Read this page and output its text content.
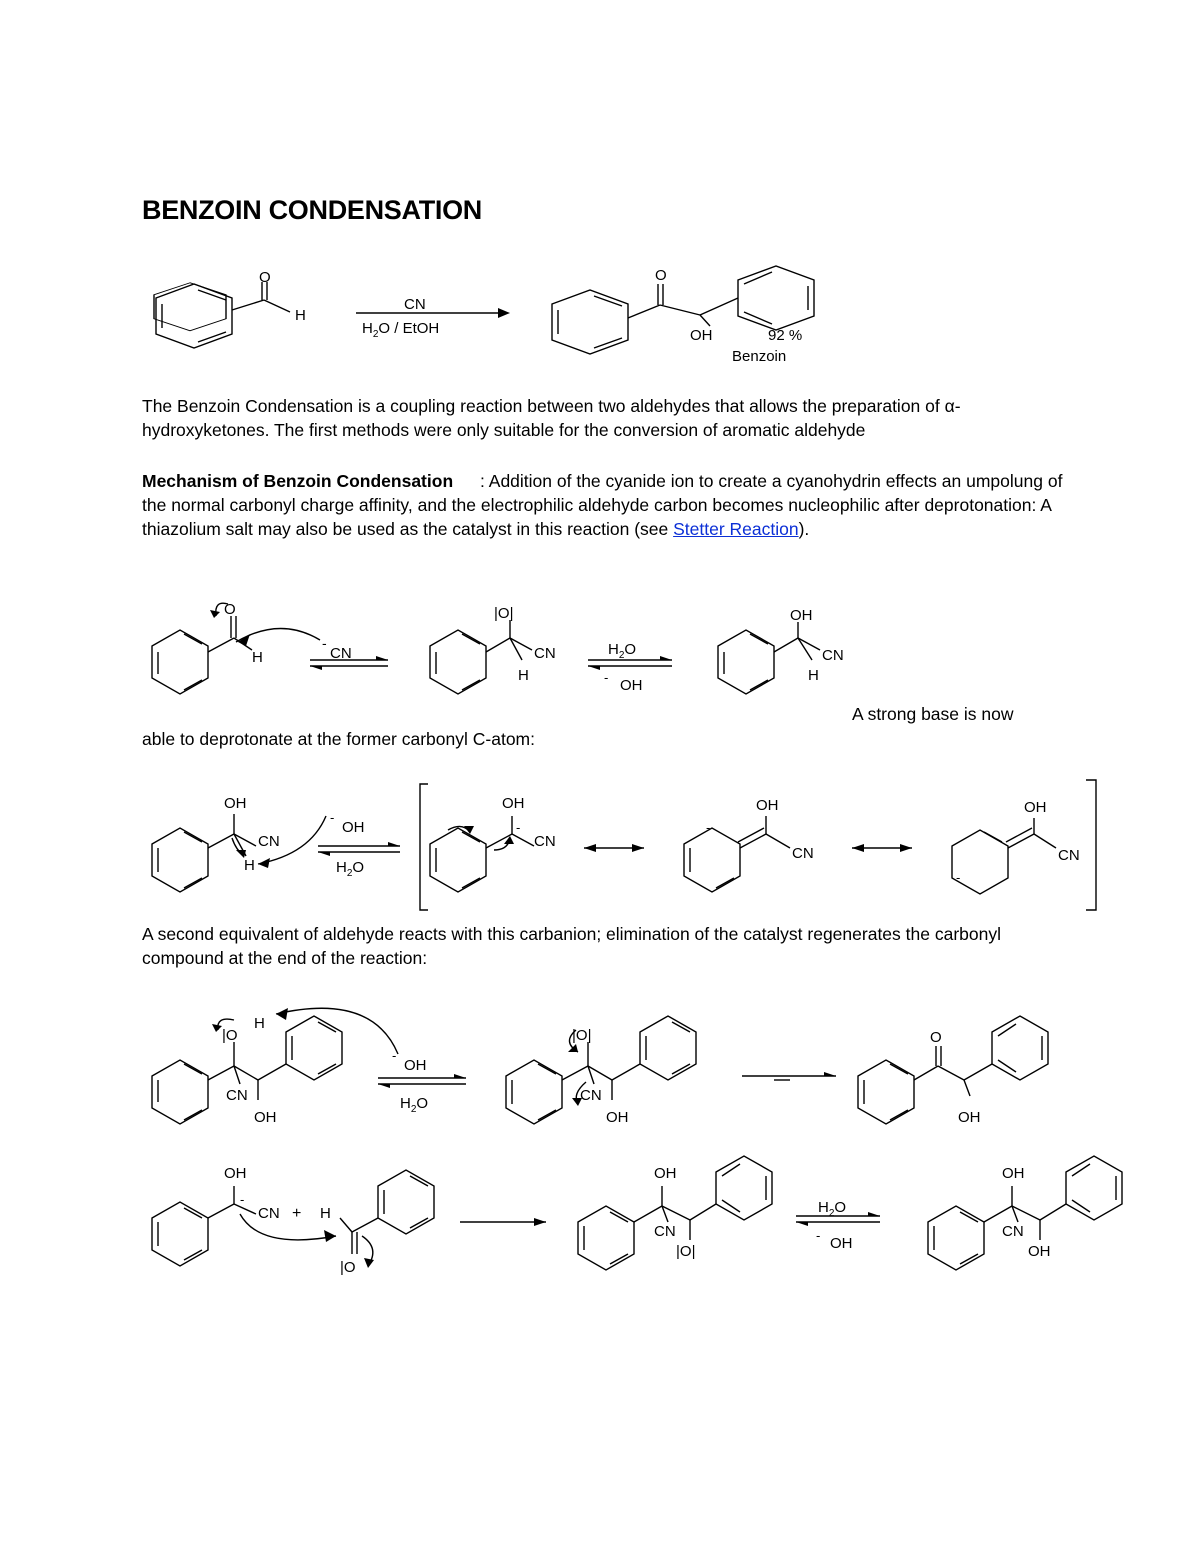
BENZOIN CONDENSATION
O
H
CN
$H_2O$ / EtOH
O
OH	92 %
Benzoin
The Benzoin Condensation is a coupling reaction between two aldehydes that allows the preparation of α-hydroxyketones. The first methods were only suitable for the conversion of aromatic aldehyde
Mechanism of Benzoin Condensation : Addition of the cyanide ion to create a cyanohydrin effects an umpolung of the normal carbonyl charge affinity, and the electrophilic aldehyde carbon becomes nucleophilic after deprotonation: A thiazolium salt may also be used as the catalyst in this reaction (see Stetter Reaction).
O
H
-
CN
|O|
CN
H
$H_2O$
- OH
OH
CN
H
A strong base is now
able to deprotonate at the former carbonyl C-atom:
OH
CN
H
-
OH
$H_2O$
OH
-
CN
OH
-
CN
OH
-
CN
A second equivalent of aldehyde reacts with this carbanion; elimination of the catalyst regenerates the carbonyl compound at the end of the reaction:
|O
H
CN
OH
-
OH
$H_2O$
|O|
CN
OH
O
OH
OH
-
CN + H
|O
OH
CN
|O|
$H_2O$
- OH
OH
CN
OH
